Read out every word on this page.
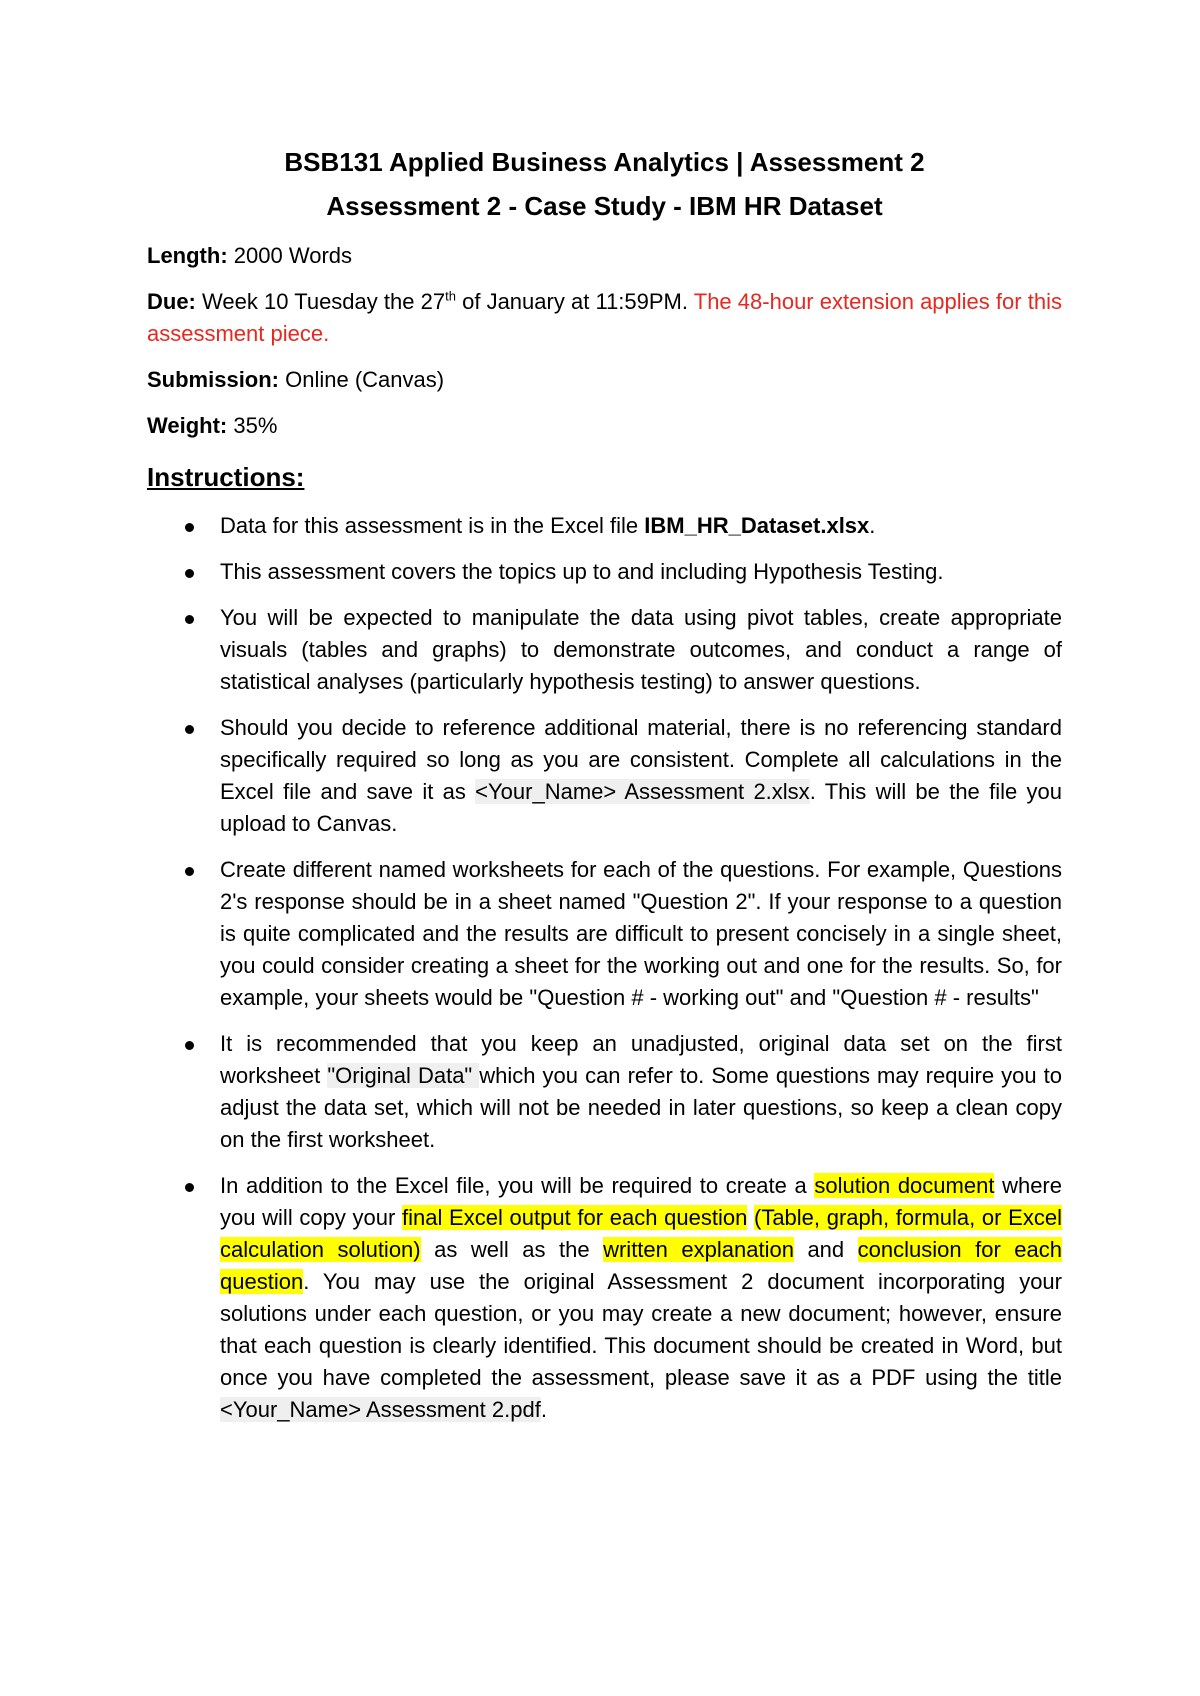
BSB131 Applied Business Analytics | Assessment 2

Assessment 2 - Case Study - IBM HR Dataset

Length: 2000 Words

Due: Week 10 Tuesday the 27th of January at 11:59PM. The 48-hour extension applies for this assessment piece.

Submission: Online (Canvas)

Weight: 35%

Instructions:
Data for this assessment is in the Excel file IBM_HR_Dataset.xlsx.
This assessment covers the topics up to and including Hypothesis Testing.
You will be expected to manipulate the data using pivot tables, create appropriate visuals (tables and graphs) to demonstrate outcomes, and conduct a range of statistical analyses (particularly hypothesis testing) to answer questions.
Should you decide to reference additional material, there is no referencing standard specifically required so long as you are consistent. Complete all calculations in the Excel file and save it as <Your_Name> Assessment 2.xlsx. This will be the file you upload to Canvas.
Create different named worksheets for each of the questions. For example, Questions 2's response should be in a sheet named "Question 2". If your response to a question is quite complicated and the results are difficult to present concisely in a single sheet, you could consider creating a sheet for the working out and one for the results. So, for example, your sheets would be "Question # - working out" and "Question # - results"
It is recommended that you keep an unadjusted, original data set on the first worksheet "Original Data" which you can refer to. Some questions may require you to adjust the data set, which will not be needed in later questions, so keep a clean copy on the first worksheet.
In addition to the Excel file, you will be required to create a solution document where you will copy your final Excel output for each question (Table, graph, formula, or Excel calculation solution) as well as the written explanation and conclusion for each question. You may use the original Assessment 2 document incorporating your solutions under each question, or you may create a new document; however, ensure that each question is clearly identified. This document should be created in Word, but once you have completed the assessment, please save it as a PDF using the title <Your_Name> Assessment 2.pdf.
